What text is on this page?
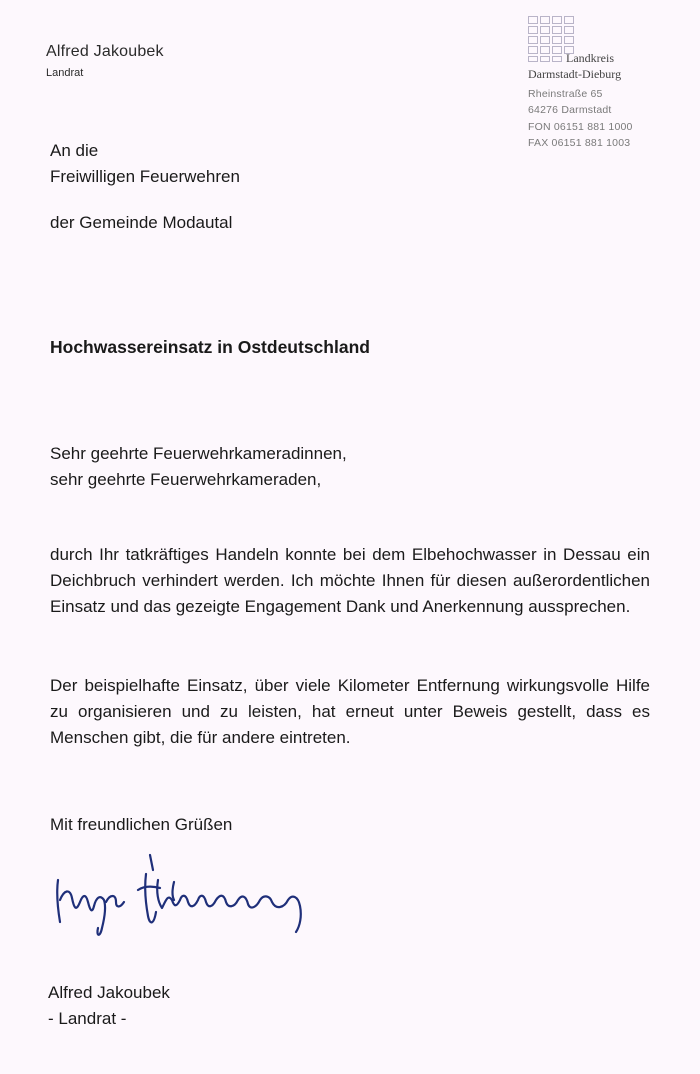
Alfred Jakoubek
Landrat
Landkreis
Darmstadt-Dieburg
Rheinstraße 65
64276 Darmstadt
FON 06151 881 1000
FAX 06151 881 1003
An die
Freiwilligen Feuerwehren
der Gemeinde Modautal
Hochwassereinsatz in Ostdeutschland
Sehr geehrte Feuerwehrkameradinnen,
sehr geehrte Feuerwehrkameraden,
durch Ihr tatkräftiges Handeln konnte bei dem Elbehochwasser in Dessau ein Deichbruch verhindert werden. Ich möchte Ihnen für diesen außerordentlichen Einsatz und das gezeigte Engagement Dank und Anerkennung aussprechen.
Der beispielhafte Einsatz, über viele Kilometer Entfernung wirkungsvolle Hilfe zu organisieren und zu leisten, hat erneut unter Beweis gestellt, dass es Menschen gibt, die für andere eintreten.
Mit freundlichen Grüßen
Alfred Jakoubek
- Landrat -
